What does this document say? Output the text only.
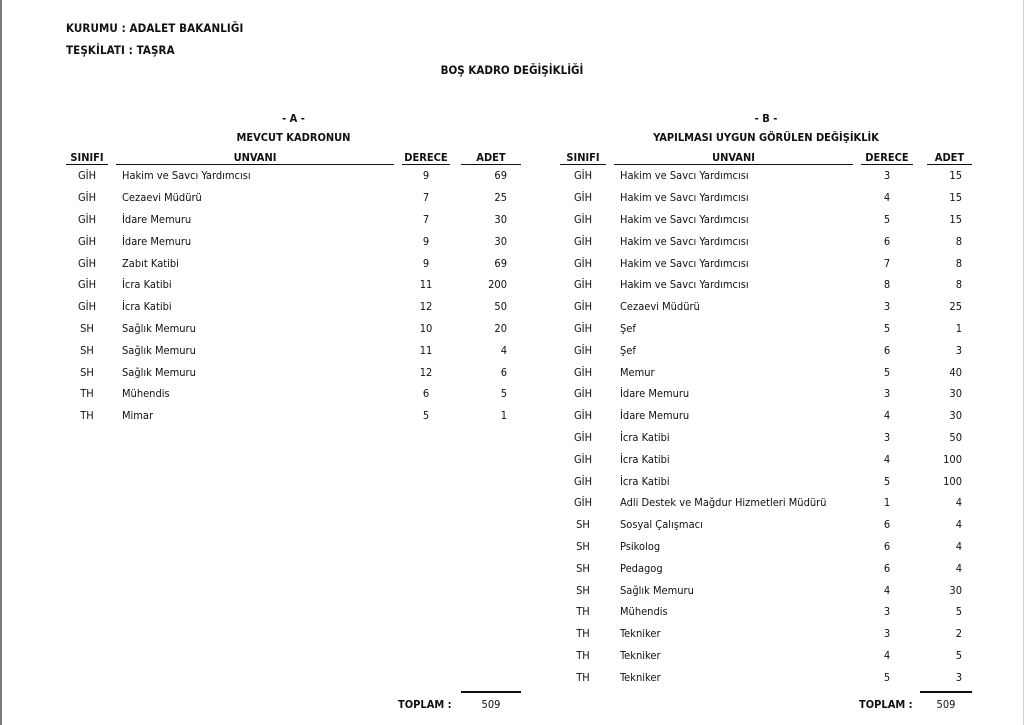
KURUMU : ADALET BAKANLIĞI
TEŞKİLATI : TAŞRA
BOŞ KADRO DEĞİŞİKLİĞİ
- A -
MEVCUT KADRONUN
SINIFI		UNVANI		DERECE		ADET
GİH		Hakim ve Savcı Yardımcısı		9		69
GİH		Cezaevi Müdürü		7		25
GİH		İdare Memuru		7		30
GİH		İdare Memuru		9		30
GİH		Zabıt Katibi		9		69
GİH		İcra Katibi		11		200
GİH		İcra Katibi		12		50
SH		Sağlık Memuru		10		20
SH		Sağlık Memuru		11		4
SH		Sağlık Memuru		12		6
TH		Mühendis		6		5
TH		Mimar		5		1
TOPLAM :	509
- B -
YAPILMASI UYGUN GÖRÜLEN DEĞİŞİKLİK
SINIFI		UNVANI		DERECE		ADET
GİH		Hakim ve Savcı Yardımcısı		3		15
GİH		Hakim ve Savcı Yardımcısı		4		15
GİH		Hakim ve Savcı Yardımcısı		5		15
GİH		Hakim ve Savcı Yardımcısı		6		8
GİH		Hakim ve Savcı Yardımcısı		7		8
GİH		Hakim ve Savcı Yardımcısı		8		8
GİH		Cezaevi Müdürü		3		25
GİH		Şef		5		1
GİH		Şef		6		3
GİH		Memur		5		40
GİH		İdare Memuru		3		30
GİH		İdare Memuru		4		30
GİH		İcra Katibi		3		50
GİH		İcra Katibi		4		100
GİH		İcra Katibi		5		100
GİH		Adli Destek ve Mağdur Hizmetleri Müdürü		1		4
SH		Sosyal Çalışmacı		6		4
SH		Psikolog		6		4
SH		Pedagog		6		4
SH		Sağlık Memuru		4		30
TH		Mühendis		3		5
TH		Tekniker		3		2
TH		Tekniker		4		5
TH		Tekniker		5		3
TOPLAM :	509
